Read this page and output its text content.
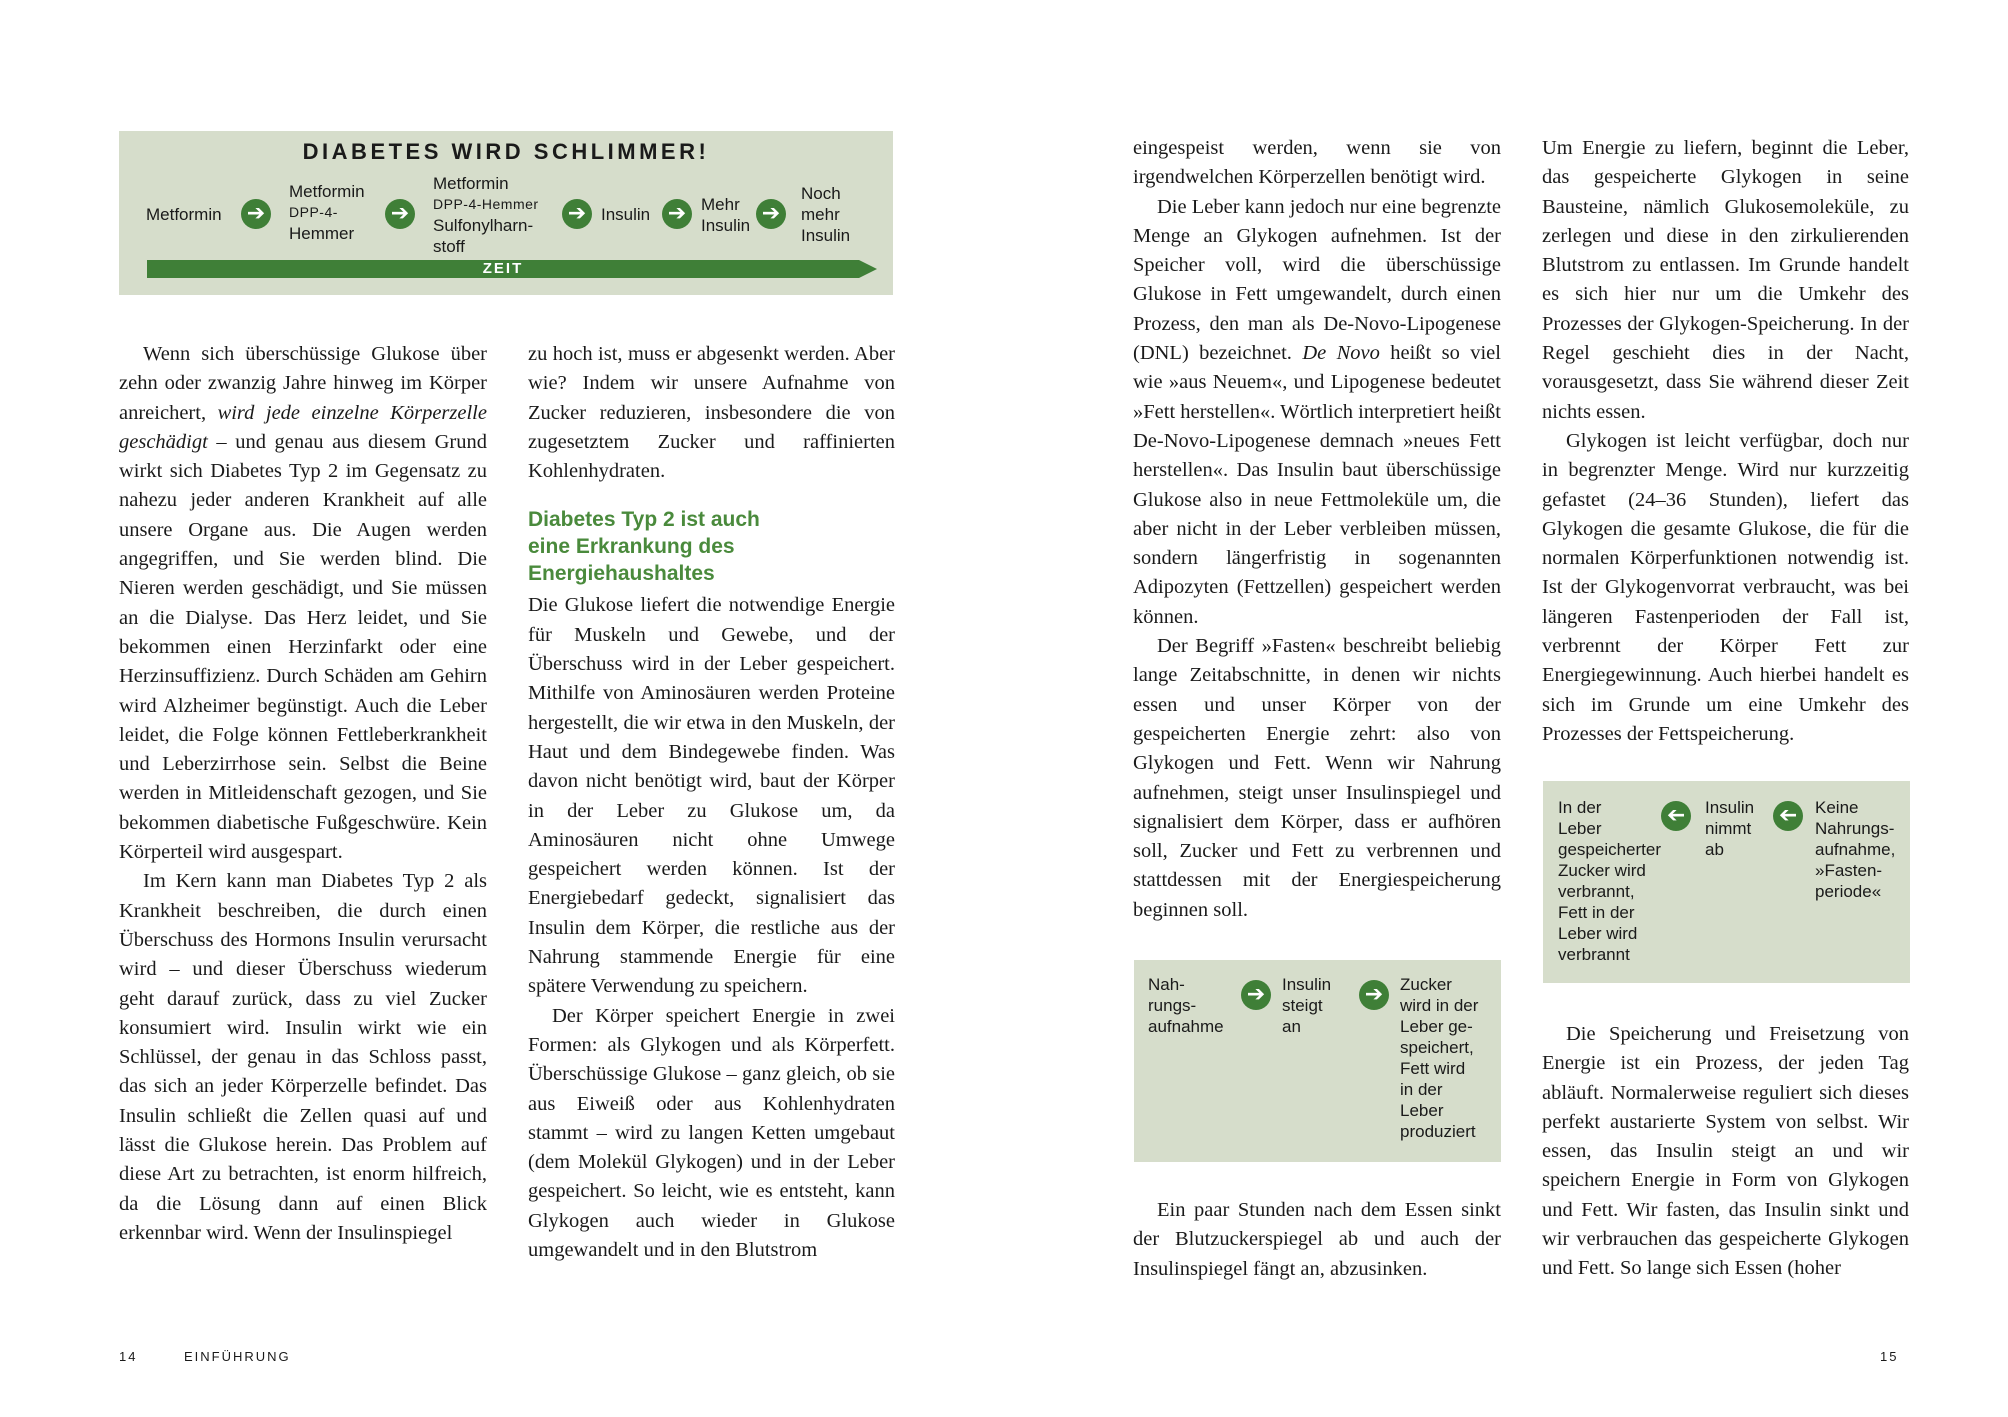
DIABETES WIRD SCHLIMMER!
Metformin ➔
Metformin
DPP-4-
Hemmer
➔
Metformin
DPP-4-Hemmer
Sulfonylharn-
stoff
➔ Insulin ➔ Mehr
Insulin ➔
Noch
mehr
Insulin
ZEIT

Wenn sich überschüssige Glukose über zehn oder zwanzig Jahre hinweg im Körper anreichert, wird jede einzelne Körperzelle geschädigt – und genau aus diesem Grund wirkt sich Diabetes Typ 2 im Gegensatz zu nahezu jeder anderen Krankheit auf alle unsere Organe aus. Die Augen werden angegriffen, und Sie werden blind. Die Nieren werden geschädigt, und Sie müssen an die Dialyse. Das Herz leidet, und Sie bekommen einen Herzinfarkt oder eine Herzinsuffizienz. Durch Schäden am Gehirn wird Alzheimer begünstigt. Auch die Leber leidet, die Folge können Fettleberkrankheit und Leberzirrhose sein. Selbst die Beine werden in Mitleidenschaft gezogen, und Sie bekommen diabetische Fußgeschwüre. Kein Körperteil wird ausgespart.

Im Kern kann man Diabetes Typ 2 als Krankheit beschreiben, die durch einen Überschuss des Hormons Insulin verursacht wird – und dieser Überschuss wiederum geht darauf zurück, dass zu viel Zucker konsumiert wird. Insulin wirkt wie ein Schlüssel, der genau in das Schloss passt, das sich an jeder Körperzelle befindet. Das Insulin schließt die Zellen quasi auf und lässt die Glukose herein. Das Problem auf diese Art zu betrachten, ist enorm hilfreich, da die Lösung dann auf einen Blick erkennbar wird. Wenn der Insulinspiegel

zu hoch ist, muss er abgesenkt werden. Aber wie? Indem wir unsere Aufnahme von Zucker reduzieren, insbesondere die von zugesetztem Zucker und raffinierten Kohlenhydraten.

Diabetes Typ 2 ist auch eine Erkrankung des Energiehaushaltes

Die Glukose liefert die notwendige Energie für Muskeln und Gewebe, und der Überschuss wird in der Leber gespeichert. Mithilfe von Aminosäuren werden Proteine hergestellt, die wir etwa in den Muskeln, der Haut und dem Bindegewebe finden. Was davon nicht benötigt wird, baut der Körper in der Leber zu Glukose um, da Aminosäuren nicht ohne Umwege gespeichert werden können. Ist der Energiebedarf gedeckt, signalisiert das Insulin dem Körper, die restliche aus der Nahrung stammende Energie für eine spätere Verwendung zu speichern.

Der Körper speichert Energie in zwei Formen: als Glykogen und als Körperfett. Überschüssige Glukose – ganz gleich, ob sie aus Eiweiß oder aus Kohlenhydraten stammt – wird zu langen Ketten umgebaut (dem Molekül Glykogen) und in der Leber gespeichert. So leicht, wie es entsteht, kann Glykogen auch wieder in Glukose umgewandelt und in den Blutstrom

eingespeist werden, wenn sie von irgendwelchen Körperzellen benötigt wird.

Die Leber kann jedoch nur eine begrenzte Menge an Glykogen aufnehmen. Ist der Speicher voll, wird die überschüssige Glukose in Fett umgewandelt, durch einen Prozess, den man als De-Novo-Lipogenese (DNL) bezeichnet. De Novo heißt so viel wie »aus Neuem«, und Lipogenese bedeutet »Fett herstellen«. Wörtlich interpretiert heißt De-Novo-Lipogenese demnach »neues Fett herstellen«. Das Insulin baut überschüssige Glukose also in neue Fettmoleküle um, die aber nicht in der Leber verbleiben müssen, sondern längerfristig in sogenannten Adipozyten (Fettzellen) gespeichert werden können.

Der Begriff »Fasten« beschreibt beliebig lange Zeitabschnitte, in denen wir nichts essen und unser Körper von der gespeicherten Energie zehrt: also von Glykogen und Fett. Wenn wir Nahrung aufnehmen, steigt unser Insulinspiegel und signalisiert dem Körper, dass er aufhören soll, Zucker und Fett zu verbrennen und stattdessen mit der Energiespeicherung beginnen soll.

Nah-
rungs-
aufnahme
➔ Insulin
steigt
an
➔ Zucker
wird in der
Leber ge-
speichert,
Fett wird
in der
Leber
produziert

Ein paar Stunden nach dem Essen sinkt der Blutzuckerspiegel ab und auch der Insulinspiegel fängt an, abzusinken.

Um Energie zu liefern, beginnt die Leber, das gespeicherte Glykogen in seine Bausteine, nämlich Glukosemoleküle, zu zerlegen und diese in den zirkulierenden Blutstrom zu entlassen. Im Grunde handelt es sich hier nur um die Umkehr des Prozesses der Glykogen-Speicherung. In der Regel geschieht dies in der Nacht, vorausgesetzt, dass Sie während dieser Zeit nichts essen.

Glykogen ist leicht verfügbar, doch nur in begrenzter Menge. Wird nur kurzzeitig gefastet (24–36 Stunden), liefert das Glykogen die gesamte Glukose, die für die normalen Körperfunktionen notwendig ist. Ist der Glykogenvorrat verbraucht, was bei längeren Fastenperioden der Fall ist, verbrennt der Körper Fett zur Energiegewinnung. Auch hierbei handelt es sich im Grunde um eine Umkehr des Prozesses der Fettspeicherung.

In der
Leber
gespeicherter
Zucker wird
verbrannt,
Fett in der
Leber wird
verbrannt
➔	Insulin
nimmt
ab
➔	Keine
Nahrungs-
aufnahme,
»Fasten-
periode«

Die Speicherung und Freisetzung von Energie ist ein Prozess, der jeden Tag abläuft. Normalerweise reguliert sich dieses perfekt austarierte System von selbst. Wir essen, das Insulin steigt an und wir speichern Energie in Form von Glykogen und Fett. Wir fasten, das Insulin sinkt und wir verbrauchen das gespeicherte Glykogen und Fett. So lange sich Essen (hoher

14	EINFÜHRUNG	15
